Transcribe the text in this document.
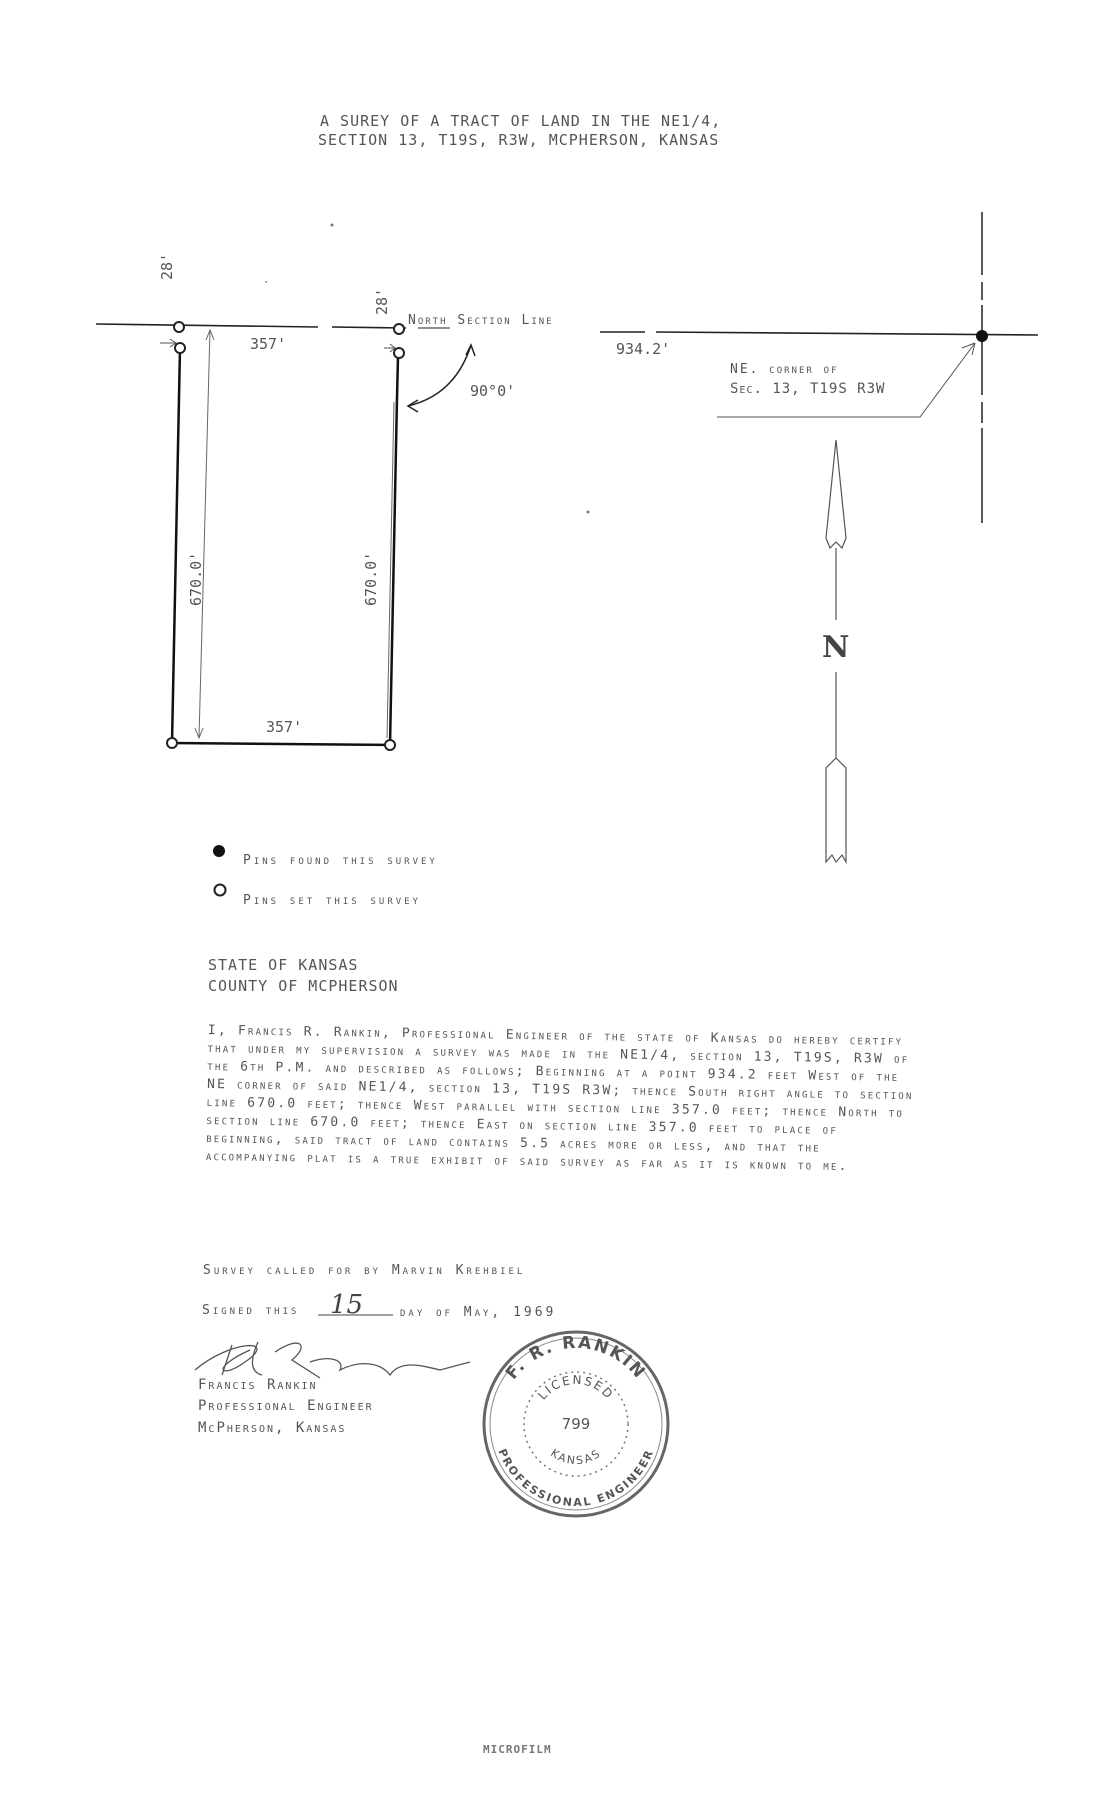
A SUREY OF A TRACT OF LAND IN THE NE1/4,
SECTION 13, T19S, R3W, MCPHERSON, KANSAS
F. R. RANKIN
PROFESSIONAL ENGINEER
LICENSED
KANSAS
799
28'
28'
North Section Line
357'	934.2'
NE. corner of
Sec. 13, T19S R3W
90°0'
670.0'	670.0'
357'
N
Pins found this survey
Pins set this survey
STATE OF KANSAS
COUNTY OF MCPHERSON
I, Francis R. Rankin, Professional Engineer of the state of Kansas do hereby certify that under my supervision a survey was made in the NE1/4, section 13, T19S, R3W of the 6th P.M. and described as follows; Beginning at a point 934.2 feet West of the NE corner of said NE1/4, section 13, T19S R3W; thence South right angle to section line 670.0 feet; thence West parallel with section line 357.0 feet; thence North to section line 670.0 feet; thence East on section line 357.0 feet to place of beginning, said tract of land contains 5.5 acres more or less, and that the accompanying plat is a true exhibit of said survey as far as it is known to me.
Survey called for by Marvin Krehbiel
Signed this 15	day of May, 1969
Francis Rankin
Professional Engineer
McPherson, Kansas
MICROFILM
